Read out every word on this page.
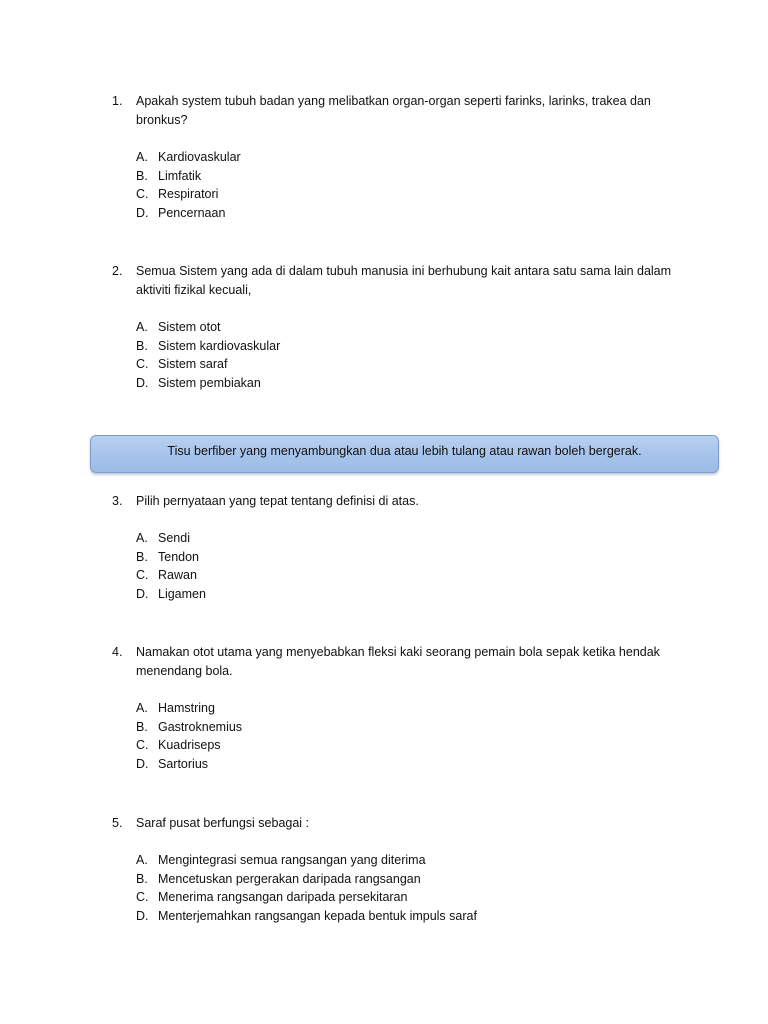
1.	Apakah system tubuh badan yang melibatkan organ-organ seperti farinks, larinks, trakea dan
bronkus?
A. Kardiovaskular
B. Limfatik
C. Respiratori
D. Pencernaan
2.	Semua Sistem yang ada di dalam tubuh manusia ini berhubung kait antara satu sama lain dalam
aktiviti fizikal kecuali,
A. Sistem otot
B. Sistem kardiovaskular
C. Sistem saraf
D. Sistem pembiakan
Tisu berfiber yang menyambungkan dua atau lebih tulang atau rawan boleh bergerak.
3.	Pilih pernyataan yang tepat tentang definisi di atas.
A. Sendi
B. Tendon
C. Rawan
D. Ligamen
4.	Namakan otot utama yang menyebabkan fleksi kaki seorang pemain bola sepak ketika hendak
menendang bola.
A. Hamstring
B. Gastroknemius
C. Kuadriseps
D. Sartorius
5.	Saraf pusat berfungsi sebagai :
A. Mengintegrasi semua rangsangan yang diterima
B. Mencetuskan pergerakan daripada rangsangan
C. Menerima rangsangan daripada persekitaran
D. Menterjemahkan rangsangan kepada bentuk impuls saraf
